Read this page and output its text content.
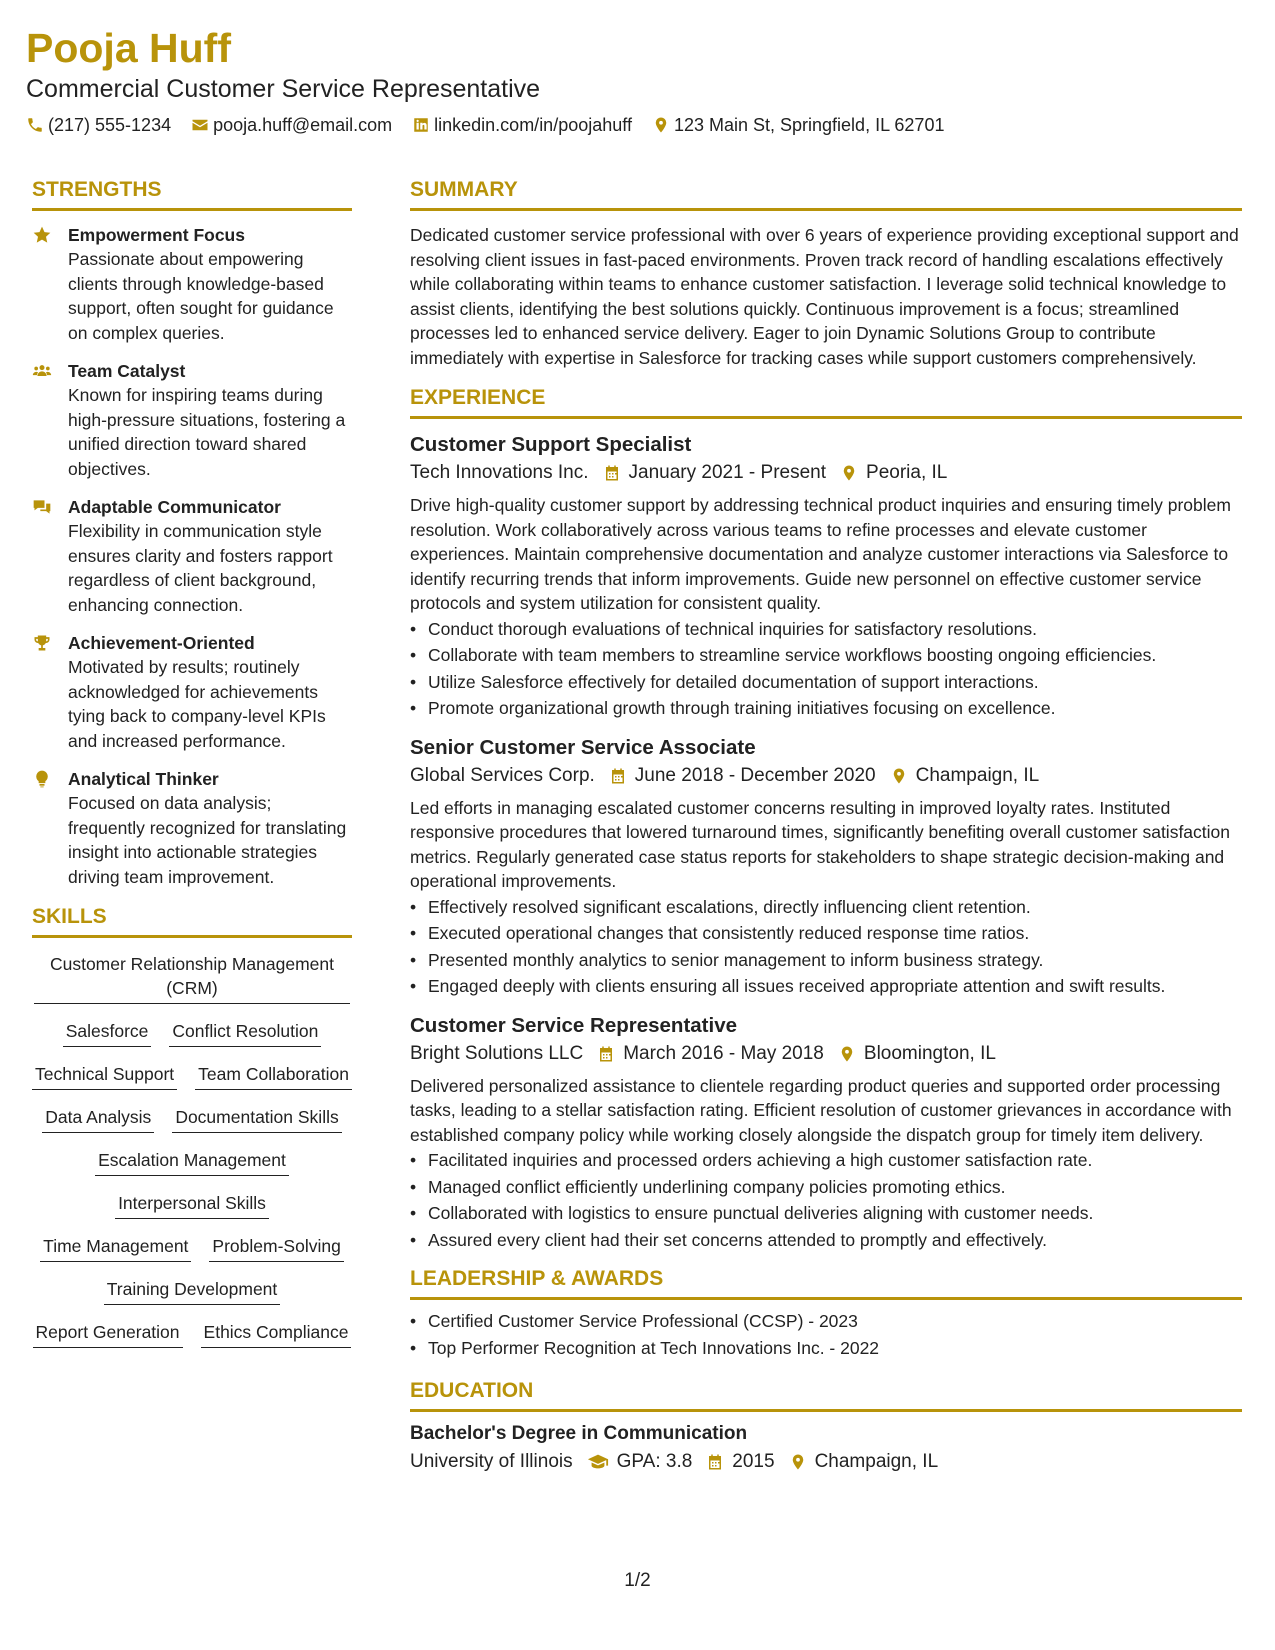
Pooja Huff
Commercial Customer Service Representative
(217) 555-1234 pooja.huff@email.com linkedin.com/in/poojahuff 123 Main St, Springfield, IL 62701
STRENGTHS
Empowerment Focus
Passionate about empowering clients through knowledge-based support, often sought for guidance on complex queries.
Team Catalyst
Known for inspiring teams during high-pressure situations, fostering a unified direction toward shared objectives.
Adaptable Communicator
Flexibility in communication style ensures clarity and fosters rapport regardless of client background, enhancing connection.
Achievement-Oriented
Motivated by results; routinely acknowledged for achievements tying back to company-level KPIs and increased performance.
Analytical Thinker
Focused on data analysis; frequently recognized for translating insight into actionable strategies driving team improvement.
SKILLS
Customer Relationship Management (CRM)
Salesforce Conflict Resolution
Technical Support Team Collaboration
Data Analysis Documentation Skills
Escalation Management
Interpersonal Skills
Time Management Problem-Solving
Training Development
Report Generation Ethics Compliance
SUMMARY
Dedicated customer service professional with over 6 years of experience providing exceptional support and resolving client issues in fast-paced environments. Proven track record of handling escalations effectively while collaborating within teams to enhance customer satisfaction. I leverage solid technical knowledge to assist clients, identifying the best solutions quickly. Continuous improvement is a focus; streamlined processes led to enhanced service delivery. Eager to join Dynamic Solutions Group to contribute immediately with expertise in Salesforce for tracking cases while support customers comprehensively.
EXPERIENCE
Customer Support Specialist
Tech Innovations Inc. January 2021 - Present Peoria, IL
Drive high-quality customer support by addressing technical product inquiries and ensuring timely problem resolution. Work collaboratively across various teams to refine processes and elevate customer experiences. Maintain comprehensive documentation and analyze customer interactions via Salesforce to identify recurring trends that inform improvements. Guide new personnel on effective customer service protocols and system utilization for consistent quality.
• Conduct thorough evaluations of technical inquiries for satisfactory resolutions.
• Collaborate with team members to streamline service workflows boosting ongoing efficiencies.
• Utilize Salesforce effectively for detailed documentation of support interactions.
• Promote organizational growth through training initiatives focusing on excellence.
Senior Customer Service Associate
Global Services Corp. June 2018 - December 2020 Champaign, IL
Led efforts in managing escalated customer concerns resulting in improved loyalty rates. Instituted responsive procedures that lowered turnaround times, significantly benefiting overall customer satisfaction metrics. Regularly generated case status reports for stakeholders to shape strategic decision-making and operational improvements.
• Effectively resolved significant escalations, directly influencing client retention.
• Executed operational changes that consistently reduced response time ratios.
• Presented monthly analytics to senior management to inform business strategy.
• Engaged deeply with clients ensuring all issues received appropriate attention and swift results.
Customer Service Representative
Bright Solutions LLC March 2016 - May 2018 Bloomington, IL
Delivered personalized assistance to clientele regarding product queries and supported order processing tasks, leading to a stellar satisfaction rating. Efficient resolution of customer grievances in accordance with established company policy while working closely alongside the dispatch group for timely item delivery.
• Facilitated inquiries and processed orders achieving a high customer satisfaction rate.
• Managed conflict efficiently underlining company policies promoting ethics.
• Collaborated with logistics to ensure punctual deliveries aligning with customer needs.
• Assured every client had their set concerns attended to promptly and effectively.
LEADERSHIP & AWARDS
• Certified Customer Service Professional (CCSP) - 2023
• Top Performer Recognition at Tech Innovations Inc. - 2022
EDUCATION
Bachelor's Degree in Communication
University of Illinois GPA: 3.8 2015 Champaign, IL
1/2
